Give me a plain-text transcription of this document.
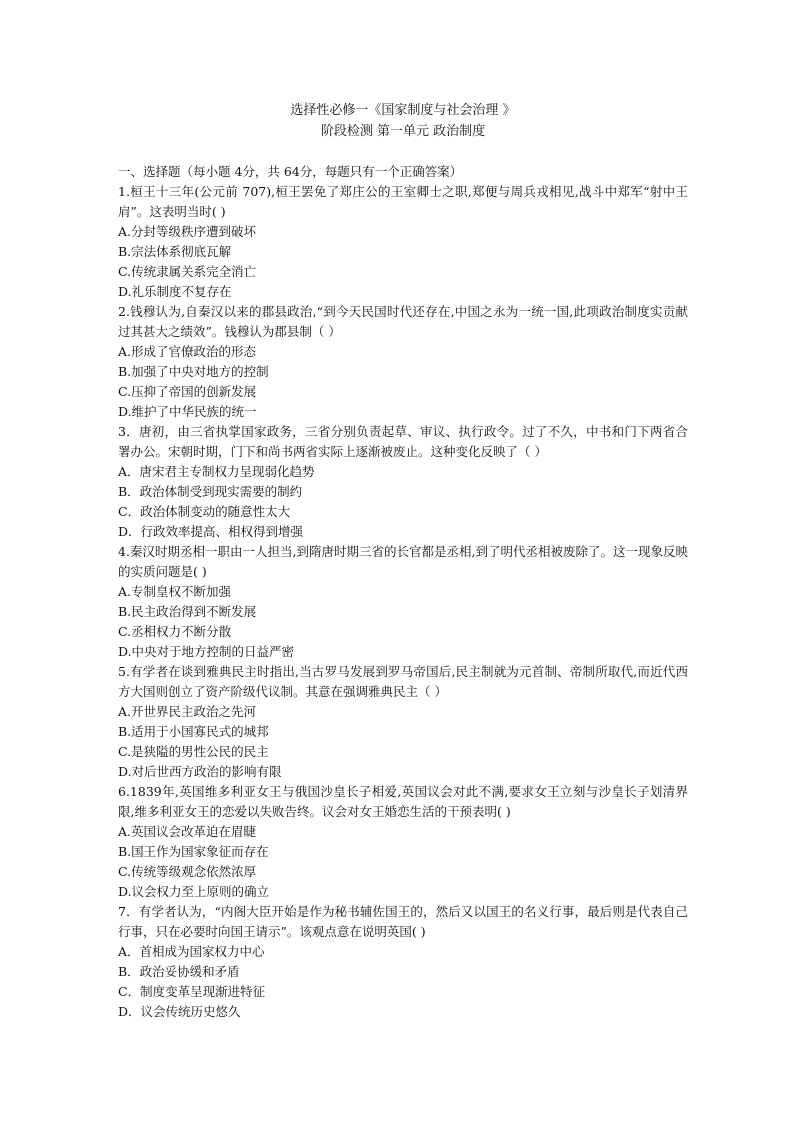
选择性必修一《国家制度与社会治理 》

阶段检测 第一单元 政治制度

一、选择题（每小题 4分，共 64分，每题只有一个正确答案）

1.桓王十三年(公元前 707),桓王罢免了郑庄公的王室卿士之职,郑便与周兵戎相见,战斗中郑军“射中王肩”。这表明当时( )

A.分封等级秩序遭到破坏

B.宗法体系彻底瓦解

C.传统隶属关系完全消亡

D.礼乐制度不复存在

2.钱穆认为,自秦汉以来的郡县政治,“到今天民国时代还存在,中国之永为一统一国,此项政治制度实贡献过其甚大之绩效”。钱穆认为郡县制（ ）

A.形成了官僚政治的形态

B.加强了中央对地方的控制

C.压抑了帝国的创新发展

D.维护了中华民族的统一

3．唐初，由三省执掌国家政务，三省分别负责起草、审议、执行政令。过了不久，中书和门下两省合署办公。宋朝时期，门下和尚书两省实际上逐渐被废止。这种变化反映了（ ）

A．唐宋君主专制权力呈现弱化趋势

B．政治体制受到现实需要的制约

C．政治体制变动的随意性太大

D．行政效率提高、相权得到增强

4.秦汉时期丞相一职由一人担当,到隋唐时期三省的长官都是丞相,到了明代丞相被废除了。这一现象反映的实质问题是( )

A.专制皇权不断加强

B.民主政治得到不断发展

C.丞相权力不断分散

D.中央对于地方控制的日益严密

5.有学者在谈到雅典民主时指出,当古罗马发展到罗马帝国后,民主制就为元首制、帝制所取代,而近代西方大国则创立了资产阶级代议制。其意在强调雅典民主（ ）

A.开世界民主政治之先河

B.适用于小国寡民式的城邦

C.是狭隘的男性公民的民主

D.对后世西方政治的影响有限

6.1839年,英国维多利亚女王与俄国沙皇长子相爱,英国议会对此不满,要求女王立刻与沙皇长子划清界限,维多利亚女王的恋爱以失败告终。议会对女王婚恋生活的干预表明( )

A.英国议会改革迫在眉睫

B.国王作为国家象征而存在

C.传统等级观念依然浓厚

D.议会权力至上原则的确立

7．有学者认为，“内阁大臣开始是作为秘书辅佐国王的，然后又以国王的名义行事，最后则是代表自己行事，只在必要时向国王请示”。该观点意在说明英国( )

A．首相成为国家权力中心

B．政治妥协缓和矛盾

C．制度变革呈现渐进特征

D．议会传统历史悠久
